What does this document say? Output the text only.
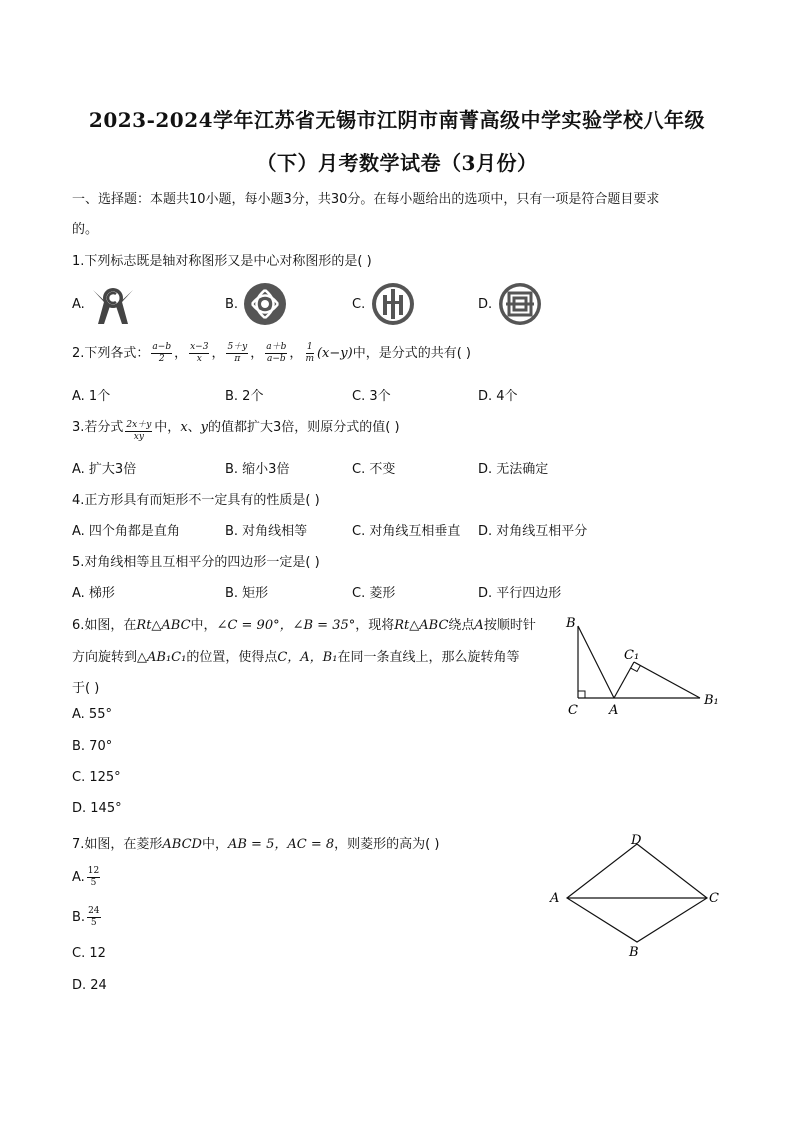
2023-2024学年江苏省无锡市江阴市南菁高级中学实验学校八年级
（下）月考数学试卷（3月份）
一、选择题：本题共10小题，每小题3分，共30分。在每小题给出的选项中，只有一项是符合题目要求
的。
1.下列标志既是轴对称图形又是中心对称图形的是( )
A.	B.	C.	D.
2.下列各式： $\frac{a-b}{2}$ ， $\frac{x-3}{x}$ ， $\frac{5+y}{\pi}$ ， $\frac{a+b}{a-b}$ ， $\frac{1}{m} (x-y)$中，是分式的共有( )
A. 1个	B. 2个	C. 3个	D. 4个
3.若分式 $\frac{2x+y}{xy}$ 中，x、y的值都扩大3倍，则原分式的值( )
A. 扩大3倍	B. 缩小3倍	C. 不变	D. 无法确定
4.正方形具有而矩形不一定具有的性质是( )
A. 四个角都是直角	B. 对角线相等	C. 对角线互相垂直 D. 对角线互相平分
5.对角线相等且互相平分的四边形一定是( )
A. 梯形	B. 矩形	C. 菱形	D. 平行四边形
6.如图，在Rt△ABC中，∠C = 90°，∠B = 35°，现将Rt△ABC绕点A按顺时针
方向旋转到△AB₁C₁的位置，使得点C，A，B₁在同一条直线上，那么旋转角等
于( )
A. 55°
B. 70°
C. 125°
D. 145°
B
C₁
B₁
C A
7.如图，在菱形ABCD中，AB = 5，AC = 8，则菱形的高为( )
A. $\frac{12}{5}$
B. $\frac{24}{5}$
C. 12
D. 24
D
A	C
B
